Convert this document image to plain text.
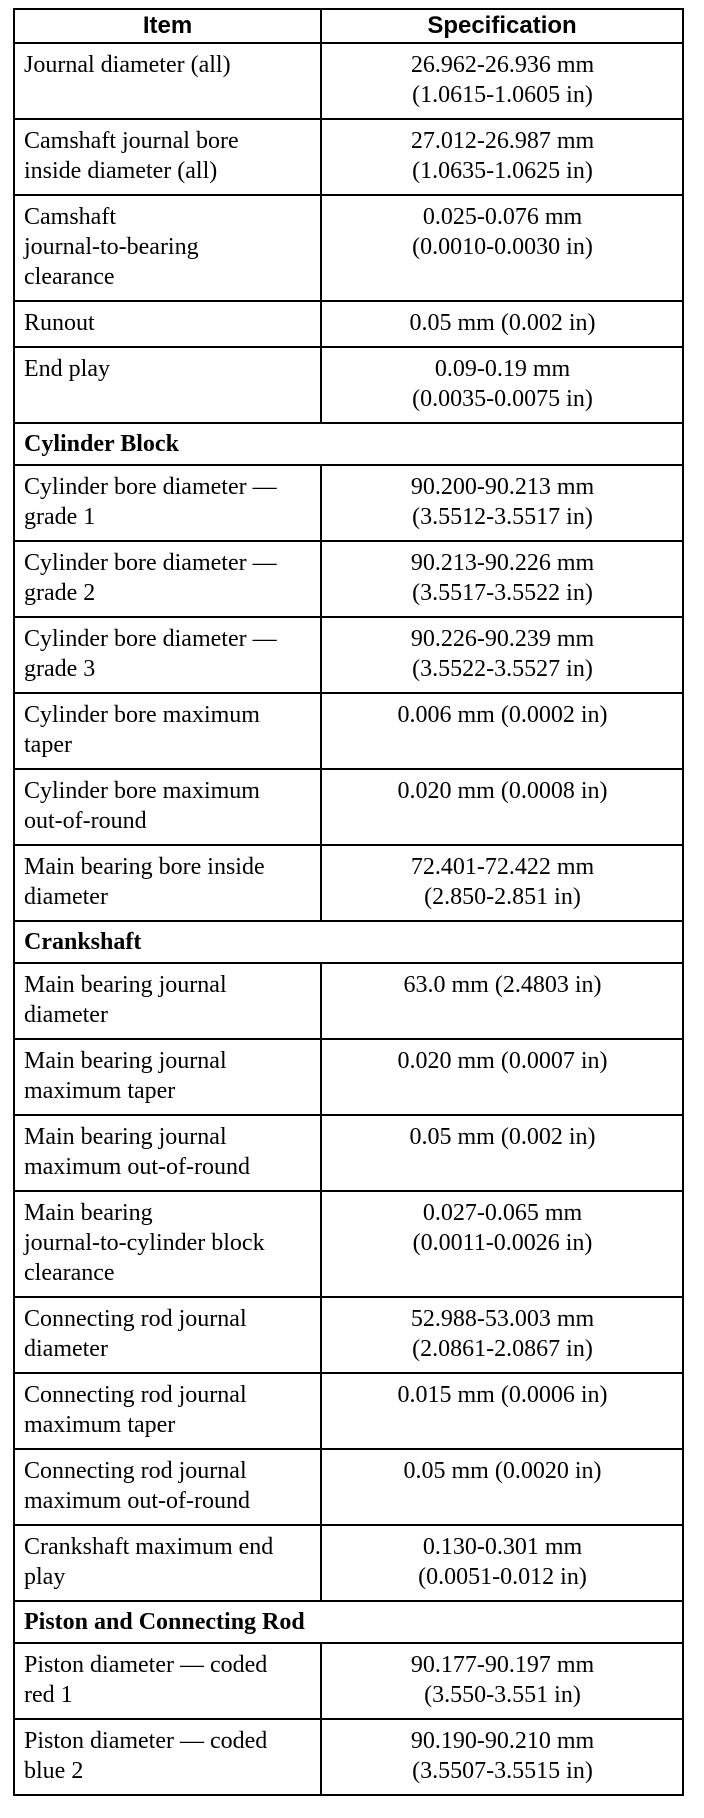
Item	Specification

Journal diameter (all)	26.962-26.936 mm
(1.0615-1.0605 in)

Camshaft journal bore
inside diameter (all)	27.012-26.987 mm
(1.0635-1.0625 in)

Camshaft
journal-to-bearing
clearance	0.025-0.076 mm
(0.0010-0.0030 in)

Runout	0.05 mm (0.002 in)

End play	0.09-0.19 mm
(0.0035-0.0075 in)

Cylinder Block	

Cylinder bore diameter —
grade 1	90.200-90.213 mm
(3.5512-3.5517 in)

Cylinder bore diameter —
grade 2	90.213-90.226 mm
(3.5517-3.5522 in)

Cylinder bore diameter —
grade 3	90.226-90.239 mm
(3.5522-3.5527 in)

Cylinder bore maximum
taper	0.006 mm (0.0002 in)

Cylinder bore maximum
out-of-round	0.020 mm (0.0008 in)

Main bearing bore inside
diameter	72.401-72.422 mm
(2.850-2.851 in)

Crankshaft	

Main bearing journal
diameter	63.0 mm (2.4803 in)

Main bearing journal
maximum taper	0.020 mm (0.0007 in)

Main bearing journal
maximum out-of-round	0.05 mm (0.002 in)

Main bearing
journal-to-cylinder block
clearance	0.027-0.065 mm
(0.0011-0.0026 in)

Connecting rod journal
diameter	52.988-53.003 mm
(2.0861-2.0867 in)

Connecting rod journal
maximum taper	0.015 mm (0.0006 in)

Connecting rod journal
maximum out-of-round	0.05 mm (0.0020 in)

Crankshaft maximum end
play	0.130-0.301 mm
(0.0051-0.012 in)

Piston and Connecting Rod	

Piston diameter — coded
red 1	90.177-90.197 mm
(3.550-3.551 in)

Piston diameter — coded
blue 2	90.190-90.210 mm
(3.5507-3.5515 in)
